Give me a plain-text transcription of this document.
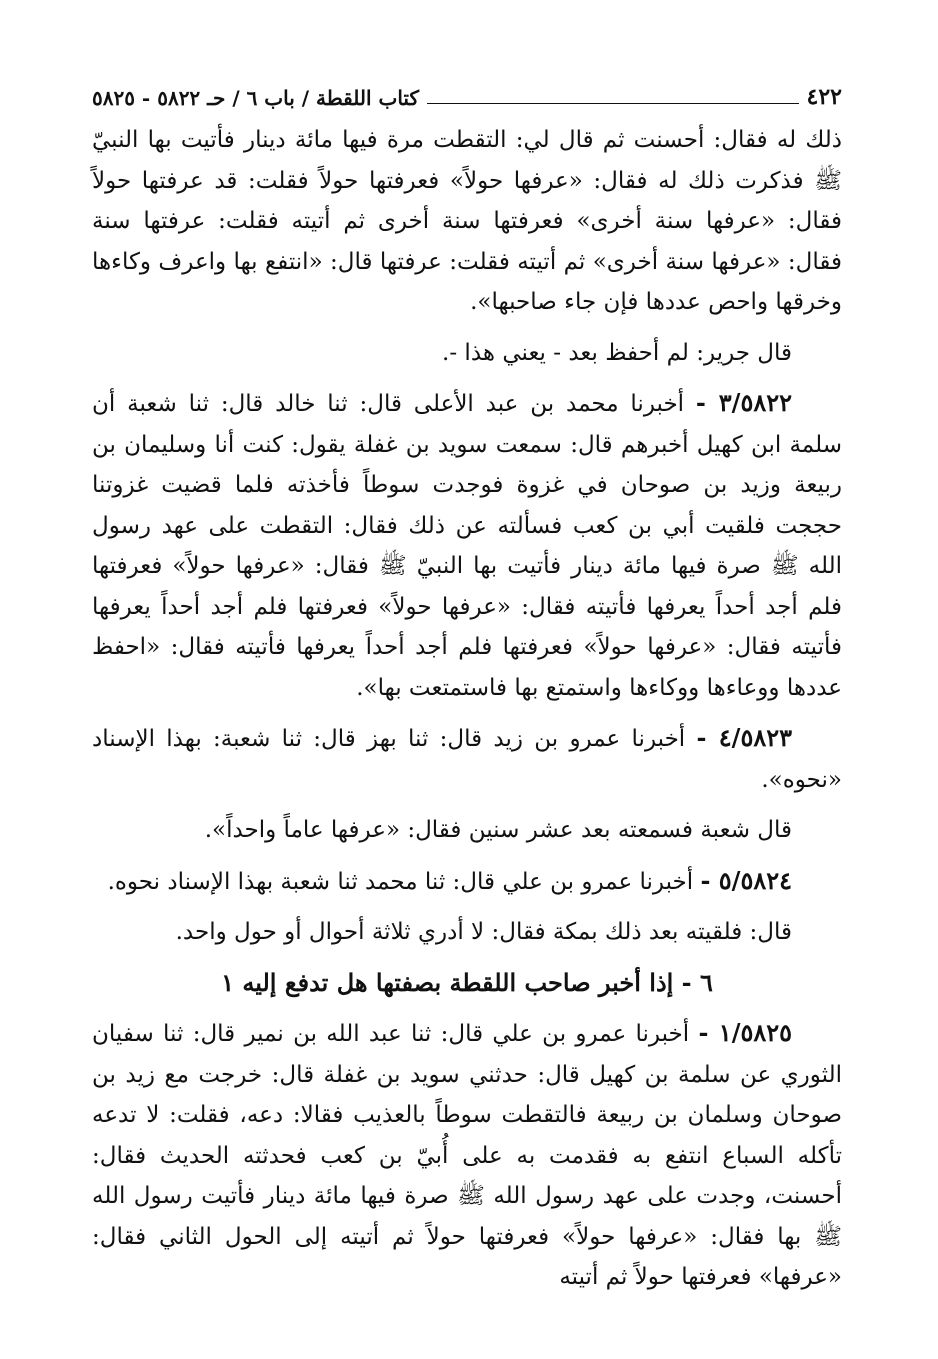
٤٢٢
كتاب اللقطة / باب ٦ / حـ ٥٨٢٢ - ٥٨٢٥

ذلك له فقال: أحسنت ثم قال لي: التقطت مرة فيها مائة دينار فأتيت بها النبيّ ﷺ فذكرت ذلك له فقال: «عرفها حولاً» فعرفتها حولاً فقلت: قد عرفتها حولاً فقال: «عرفها سنة أخرى» فعرفتها سنة أخرى ثم أتيته فقلت: عرفتها سنة فقال: «عرفها سنة أخرى» ثم أتيته فقلت: عرفتها قال: «انتفع بها واعرف وكاءها وخرقها واحص عددها فإن جاء صاحبها».

قال جرير: لم أحفظ بعد - يعني هذا -.

٣/٥٨٢٢ - أخبرنا محمد بن عبد الأعلى قال: ثنا خالد قال: ثنا شعبة أن سلمة ابن كهيل أخبرهم قال: سمعت سويد بن غفلة يقول: كنت أنا وسليمان بن ربيعة وزيد بن صوحان في غزوة فوجدت سوطاً فأخذته فلما قضيت غزوتنا حججت فلقيت أبي بن كعب فسألته عن ذلك فقال: التقطت على عهد رسول الله ﷺ صرة فيها مائة دينار فأتيت بها النبيّ ﷺ فقال: «عرفها حولاً» فعرفتها فلم أجد أحداً يعرفها فأتيته فقال: «عرفها حولاً» فعرفتها فلم أجد أحداً يعرفها فأتيته فقال: «عرفها حولاً» فعرفتها فلم أجد أحداً يعرفها فأتيته فقال: «احفظ عددها ووعاءها ووكاءها واستمتع بها فاستمتعت بها».

٤/٥٨٢٣ - أخبرنا عمرو بن زيد قال: ثنا بهز قال: ثنا شعبة: بهذا الإسناد «نحوه».

قال شعبة فسمعته بعد عشر سنين فقال: «عرفها عاماً واحداً».

٥/٥٨٢٤ - أخبرنا عمرو بن علي قال: ثنا محمد ثنا شعبة بهذا الإسناد نحوه.

قال: فلقيته بعد ذلك بمكة فقال: لا أدري ثلاثة أحوال أو حول واحد.

٦ - إذا أخبر صاحب اللقطة بصفتها هل تدفع إليه ١

١/٥٨٢٥ - أخبرنا عمرو بن علي قال: ثنا عبد الله بن نمير قال: ثنا سفيان الثوري عن سلمة بن كهيل قال: حدثني سويد بن غفلة قال: خرجت مع زيد بن صوحان وسلمان بن ربيعة فالتقطت سوطاً بالعذيب فقالا: دعه، فقلت: لا تدعه تأكله السباع انتفع به فقدمت به على أُبيّ بن كعب فحدثته الحديث فقال: أحسنت، وجدت على عهد رسول الله ﷺ صرة فيها مائة دينار فأتيت رسول الله ﷺ بها فقال: «عرفها حولاً» فعرفتها حولاً ثم أتيته إلى الحول الثاني فقال: «عرفها» فعرفتها حولاً ثم أتيته
